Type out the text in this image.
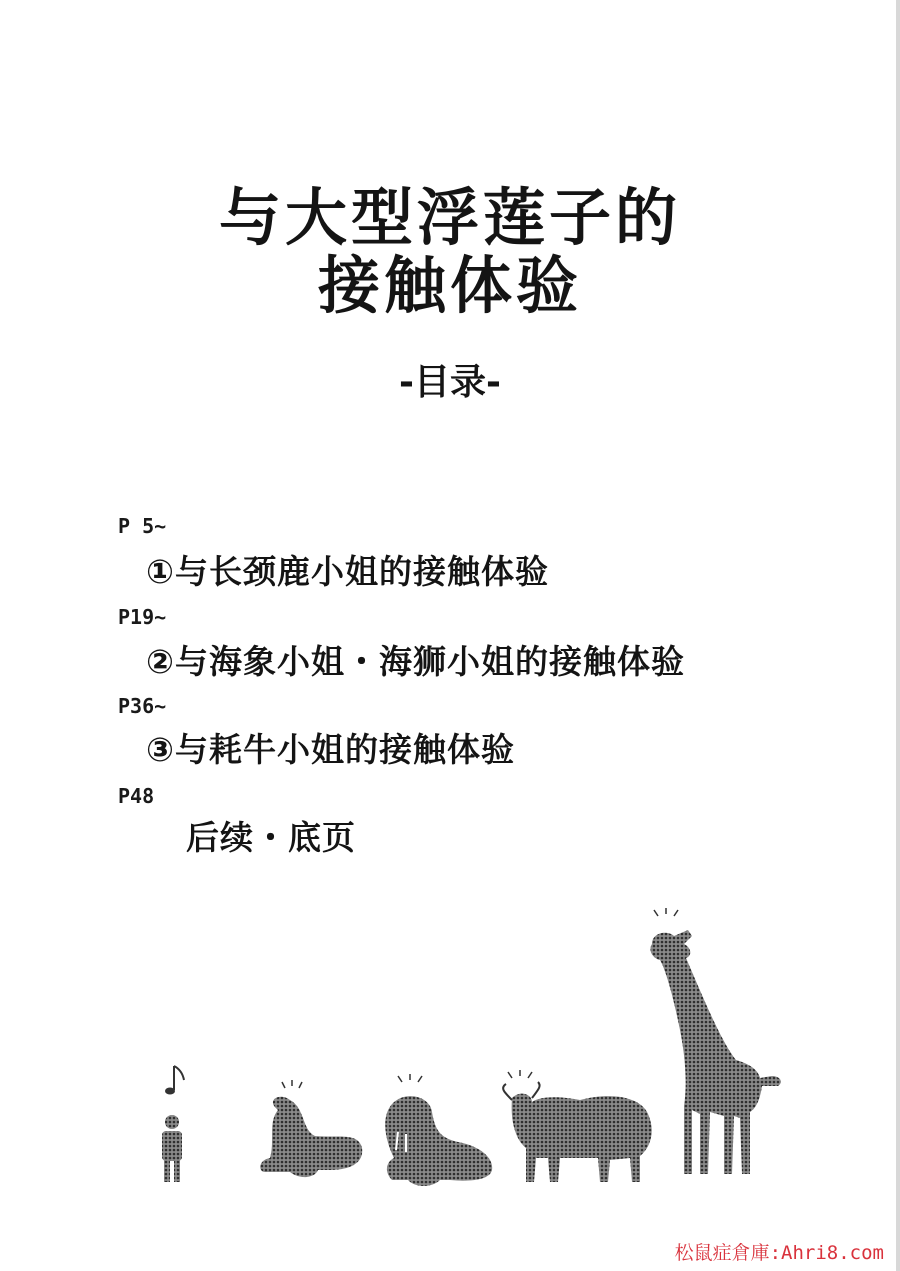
与大型浮莲子的
接触体验
-目录-
P 5~
①与长颈鹿小姐的接触体验
P19~
②与海象小姐・海狮小姐的接触体验
P36~
③与耗牛小姐的接触体验
P48
后续・底页
松鼠症倉庫:Ahri8.com
